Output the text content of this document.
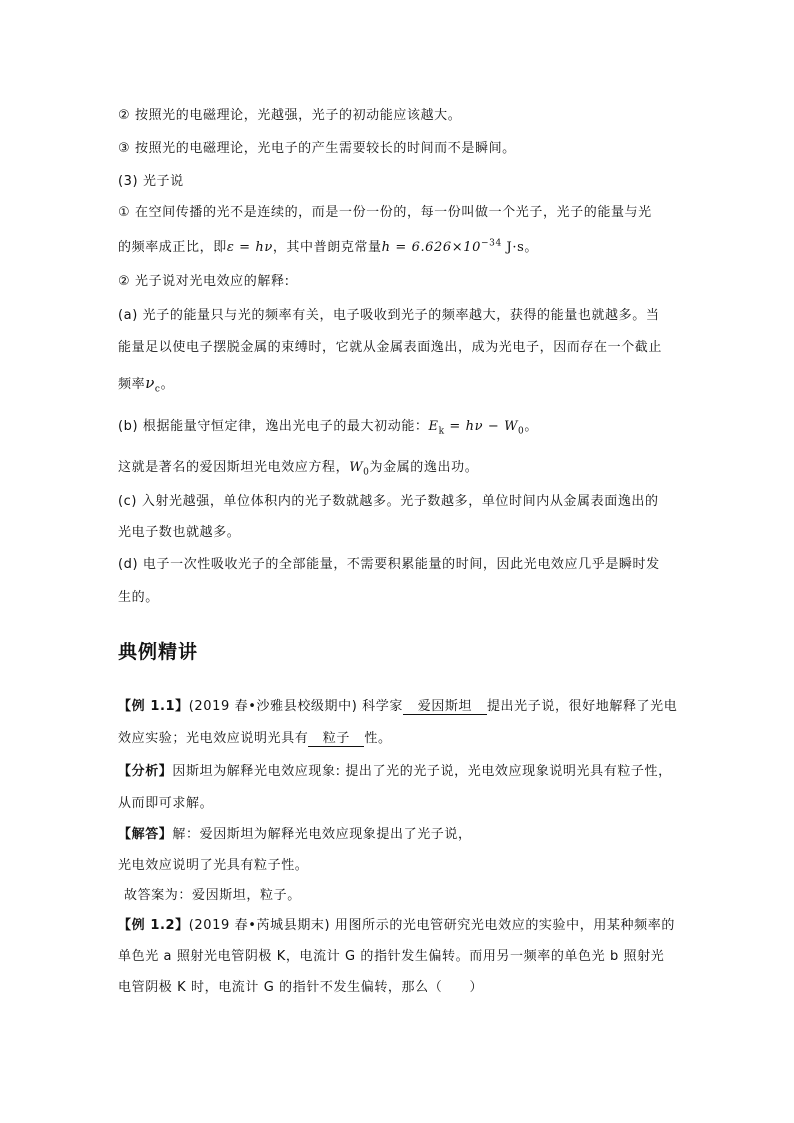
② 按照光的电磁理论，光越强，光子的初动能应该越大。
③ 按照光的电磁理论，光电子的产生需要较长的时间而不是瞬间。
(3) 光子说
① 在空间传播的光不是连续的，而是一份一份的，每一份叫做一个光子，光子的能量与光
的频率成正比，即ε = hν，其中普朗克常量$h = 6.626\times 10^{-34}$ J·s。
② 光子说对光电效应的解释:
(a) 光子的能量只与光的频率有关，电子吸收到光子的频率越大，获得的能量也就越多。当
能量足以使电子摆脱金属的束缚时，它就从金属表面逸出，成为光电子，因而存在一个截止
频率$\nu_c$。
(b) 根据能量守恒定律，逸出光电子的最大初动能：$E_k = h\nu - W_0$。
这就是著名的爱因斯坦光电效应方程，$W_0$为金属的逸出功。
(c) 入射光越强，单位体积内的光子数就越多。光子数越多，单位时间内从金属表面逸出的
光电子数也就越多。
(d) 电子一次性吸收光子的全部能量，不需要积累能量的时间，因此光电效应几乎是瞬时发
生的。
典例精讲
【例 1.1】(2019 春•沙雅县校级期中) 科学家 爱因斯坦 提出光子说，很好地解释了光电
效应实验；光电效应说明光具有 粒子 性。
【分析】因斯坦为解释光电效应现象: 提出了光的光子说，光电效应现象说明光具有粒子性，
从而即可求解。
【解答】解：爱因斯坦为解释光电效应现象提出了光子说，
光电效应说明了光具有粒子性。
故答案为：爱因斯坦，粒子。
【例 1.2】(2019 春•芮城县期末) 用图所示的光电管研究光电效应的实验中，用某种频率的
单色光 a 照射光电管阴极 K，电流计 G 的指针发生偏转。而用另一频率的单色光 b 照射光
电管阴极 K 时，电流计 G 的指针不发生偏转，那么（　　）
